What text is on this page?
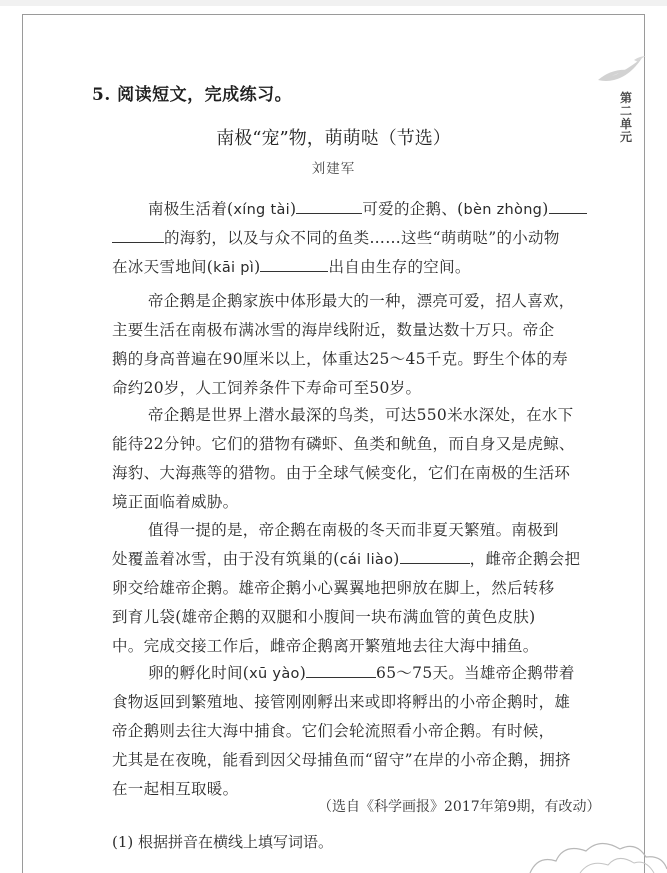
第
二
单
元
5. 阅读短文，完成练习。
南极“宠”物，萌萌哒（节选）
刘建军
南极生活着(xíng tài)	可爱的企鹅、(bèn zhòng)
的海豹，以及与众不同的鱼类……这些“萌萌哒”的小动物
在冰天雪地间(kāi pì)	出自由生存的空间。
帝企鹅是企鹅家族中体形最大的一种，漂亮可爱，招人喜欢，
主要生活在南极布满冰雪的海岸线附近，数量达数十万只。帝企
鹅的身高普遍在90厘米以上，体重达25～45千克。野生个体的寿
命约20岁，人工饲养条件下寿命可至50岁。
帝企鹅是世界上潜水最深的鸟类，可达550米水深处，在水下
能待22分钟。它们的猎物有磷虾、鱼类和鱿鱼，而自身又是虎鲸、
海豹、大海燕等的猎物。由于全球气候变化，它们在南极的生活环
境正面临着威胁。
值得一提的是，帝企鹅在南极的冬天而非夏天繁殖。南极到
处覆盖着冰雪，由于没有筑巢的(cái liào)	，雌帝企鹅会把
卵交给雄帝企鹅。雄帝企鹅小心翼翼地把卵放在脚上，然后转移
到育儿袋(雄帝企鹅的双腿和小腹间一块布满血管的黄色皮肤)
中。完成交接工作后，雌帝企鹅离开繁殖地去往大海中捕鱼。
卵的孵化时间(xū yào)	65～75天。当雄帝企鹅带着
食物返回到繁殖地、接管刚刚孵出来或即将孵出的小帝企鹅时，雄
帝企鹅则去往大海中捕食。它们会轮流照看小帝企鹅。有时候，
尤其是在夜晚，能看到因父母捕鱼而“留守”在岸的小帝企鹅，拥挤
在一起相互取暖。
（选自《科学画报》2017年第9期，有改动）
(1) 根据拼音在横线上填写词语。
